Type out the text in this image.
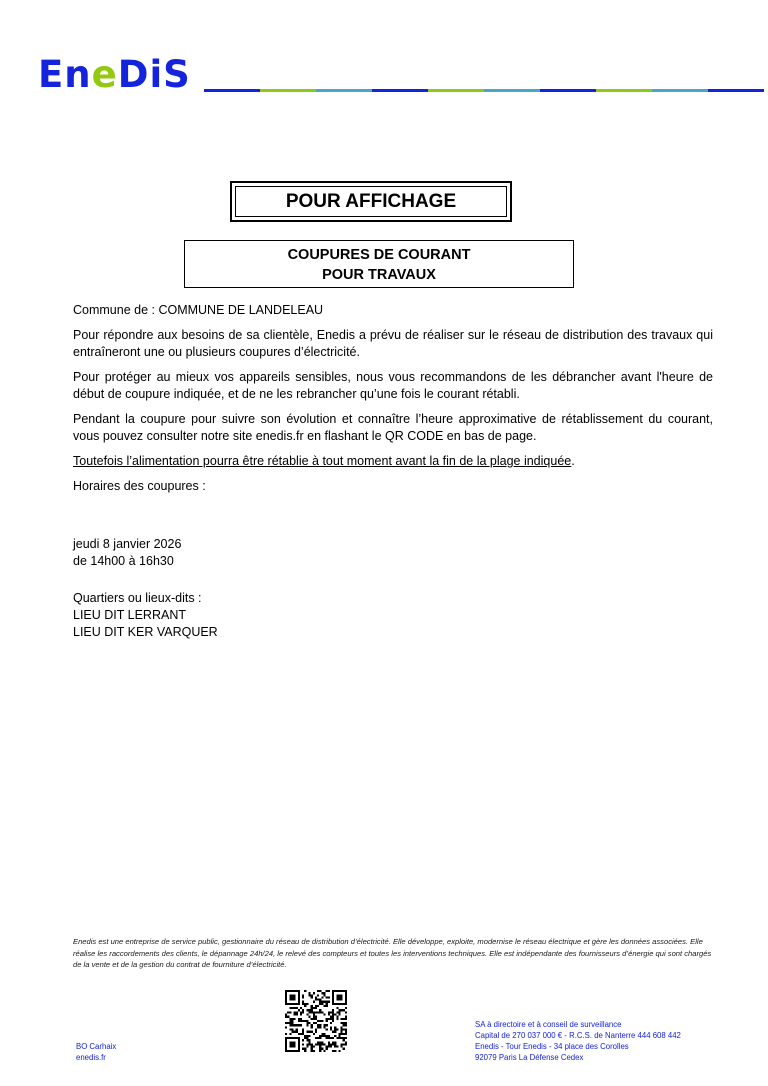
EneDiS
POUR AFFICHAGE
COUPURES DE COURANT
POUR TRAVAUX

Commune de : COMMUNE DE LANDELEAU

Pour répondre aux besoins de sa clientèle, Enedis a prévu de réaliser sur le réseau de distribution des travaux qui entraîneront une ou plusieurs coupures d’électricité.

Pour protéger au mieux vos appareils sensibles, nous vous recommandons de les débrancher avant l'heure de début de coupure indiquée, et de ne les rebrancher qu’une fois le courant rétabli.

Pendant la coupure pour suivre son évolution et connaître l’heure approximative de rétablissement du courant, vous pouvez consulter notre site enedis.fr en flashant le QR CODE en bas de page.

Toutefois l’alimentation pourra être rétablie à tout moment avant la fin de la plage indiquée.

Horaires des coupures :

jeudi 8 janvier 2026
de 14h00 à 16h30
Quartiers ou lieux-dits :
LIEU DIT LERRANT
LIEU DIT KER VARQUER
Enedis est une entreprise de service public, gestionnaire du réseau de distribution d’électricité. Elle développe, exploite, modernise le réseau électrique et gère les données associées. Elle réalise les raccordements des clients, le dépannage 24h/24, le relevé des compteurs et toutes les interventions techniques. Elle est indépendante des fournisseurs d’énergie qui sont chargés de la vente et de la gestion du contrat de fourniture d’électricité.
BO Carhaix
enedis.fr
SA à directoire et à conseil de surveillance
Capital de 270 037 000 € - R.C.S. de Nanterre 444 608 442
Enedis - Tour Enedis - 34 place des Corolles
92079 Paris La Défense Cedex
